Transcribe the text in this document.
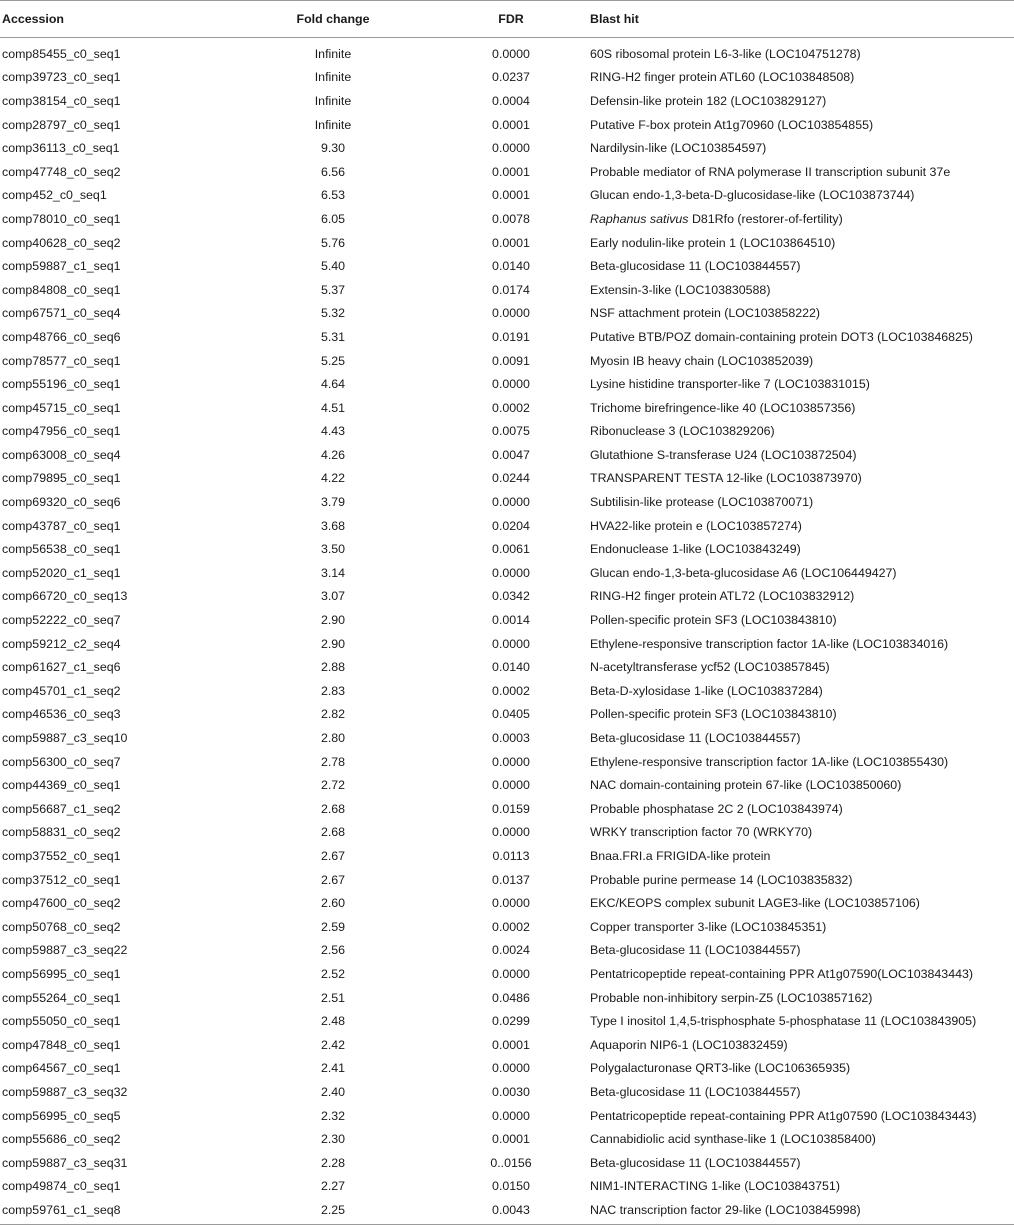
Accession	Fold change	FDR	Blast hit
comp85455_c0_seq1	Infinite	0.0000	60S ribosomal protein L6-3-like (LOC104751278)
comp39723_c0_seq1	Infinite	0.0237	RING-H2 finger protein ATL60 (LOC103848508)
comp38154_c0_seq1	Infinite	0.0004	Defensin-like protein 182 (LOC103829127)
comp28797_c0_seq1	Infinite	0.0001	Putative F-box protein At1g70960 (LOC103854855)
comp36113_c0_seq1	9.30	0.0000	Nardilysin-like (LOC103854597)
comp47748_c0_seq2	6.56	0.0001	Probable mediator of RNA polymerase II transcription subunit 37e
comp452_c0_seq1	6.53	0.0001	Glucan endo-1,3-beta-D-glucosidase-like (LOC103873744)
comp78010_c0_seq1	6.05	0.0078	Raphanus sativus D81Rfo (restorer-of-fertility)
comp40628_c0_seq2	5.76	0.0001	Early nodulin-like protein 1 (LOC103864510)
comp59887_c1_seq1	5.40	0.0140	Beta-glucosidase 11 (LOC103844557)
comp84808_c0_seq1	5.37	0.0174	Extensin-3-like (LOC103830588)
comp67571_c0_seq4	5.32	0.0000	NSF attachment protein (LOC103858222)
comp48766_c0_seq6	5.31	0.0191	Putative BTB/POZ domain-containing protein DOT3 (LOC103846825)
comp78577_c0_seq1	5.25	0.0091	Myosin IB heavy chain (LOC103852039)
comp55196_c0_seq1	4.64	0.0000	Lysine histidine transporter-like 7 (LOC103831015)
comp45715_c0_seq1	4.51	0.0002	Trichome birefringence-like 40 (LOC103857356)
comp47956_c0_seq1	4.43	0.0075	Ribonuclease 3 (LOC103829206)
comp63008_c0_seq4	4.26	0.0047	Glutathione S-transferase U24 (LOC103872504)
comp79895_c0_seq1	4.22	0.0244	TRANSPARENT TESTA 12-like (LOC103873970)
comp69320_c0_seq6	3.79	0.0000	Subtilisin-like protease (LOC103870071)
comp43787_c0_seq1	3.68	0.0204	HVA22-like protein e (LOC103857274)
comp56538_c0_seq1	3.50	0.0061	Endonuclease 1-like (LOC103843249)
comp52020_c1_seq1	3.14	0.0000	Glucan endo-1,3-beta-glucosidase A6 (LOC106449427)
comp66720_c0_seq13	3.07	0.0342	RING-H2 finger protein ATL72 (LOC103832912)
comp52222_c0_seq7	2.90	0.0014	Pollen-specific protein SF3 (LOC103843810)
comp59212_c2_seq4	2.90	0.0000	Ethylene-responsive transcription factor 1A-like (LOC103834016)
comp61627_c1_seq6	2.88	0.0140	N-acetyltransferase ycf52 (LOC103857845)
comp45701_c1_seq2	2.83	0.0002	Beta-D-xylosidase 1-like (LOC103837284)
comp46536_c0_seq3	2.82	0.0405	Pollen-specific protein SF3 (LOC103843810)
comp59887_c3_seq10	2.80	0.0003	Beta-glucosidase 11 (LOC103844557)
comp56300_c0_seq7	2.78	0.0000	Ethylene-responsive transcription factor 1A-like (LOC103855430)
comp44369_c0_seq1	2.72	0.0000	NAC domain-containing protein 67-like (LOC103850060)
comp56687_c1_seq2	2.68	0.0159	Probable phosphatase 2C 2 (LOC103843974)
comp58831_c0_seq2	2.68	0.0000	WRKY transcription factor 70 (WRKY70)
comp37552_c0_seq1	2.67	0.0113	Bnaa.FRI.a FRIGIDA-like protein
comp37512_c0_seq1	2.67	0.0137	Probable purine permease 14 (LOC103835832)
comp47600_c0_seq2	2.60	0.0000	EKC/KEOPS complex subunit LAGE3-like (LOC103857106)
comp50768_c0_seq2	2.59	0.0002	Copper transporter 3-like (LOC103845351)
comp59887_c3_seq22	2.56	0.0024	Beta-glucosidase 11 (LOC103844557)
comp56995_c0_seq1	2.52	0.0000	Pentatricopeptide repeat-containing PPR At1g07590(LOC103843443)
comp55264_c0_seq1	2.51	0.0486	Probable non-inhibitory serpin-Z5 (LOC103857162)
comp55050_c0_seq1	2.48	0.0299	Type I inositol 1,4,5-trisphosphate 5-phosphatase 11 (LOC103843905)
comp47848_c0_seq1	2.42	0.0001	Aquaporin NIP6-1 (LOC103832459)
comp64567_c0_seq1	2.41	0.0000	Polygalacturonase QRT3-like (LOC106365935)
comp59887_c3_seq32	2.40	0.0030	Beta-glucosidase 11 (LOC103844557)
comp56995_c0_seq5	2.32	0.0000	Pentatricopeptide repeat-containing PPR At1g07590 (LOC103843443)
comp55686_c0_seq2	2.30	0.0001	Cannabidiolic acid synthase-like 1 (LOC103858400)
comp59887_c3_seq31	2.28	0..0156	Beta-glucosidase 11 (LOC103844557)
comp49874_c0_seq1	2.27	0.0150	NIM1-INTERACTING 1-like (LOC103843751)
comp59761_c1_seq8	2.25	0.0043	NAC transcription factor 29-like (LOC103845998)
